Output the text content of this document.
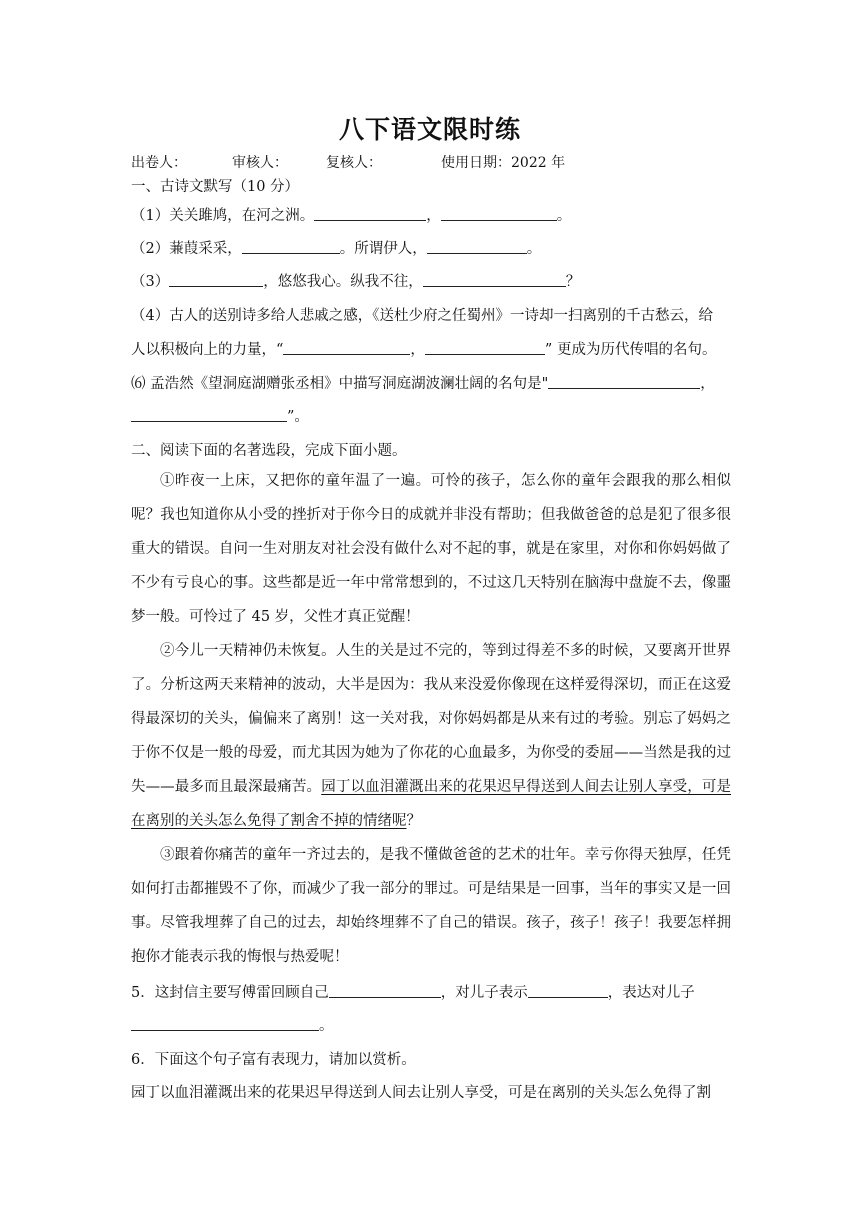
八下语文限时练
出卷人：	审核人：	复核人：	使用日期：2022 年
一、古诗文默写（10 分）
（1）关关雎鸠，在河之洲。	，	。
（2）蒹葭采采，	。所谓伊人，	。
（3）	，悠悠我心。纵我不往，	？
（4）古人的送别诗多给人悲戚之感，《送杜少府之任蜀州》一诗却一扫离别的千古愁云，给
人以积极向上的力量，“	，	” 更成为历代传唱的名句。
⑹ 孟浩然《望洞庭湖赠张丞相》中描写洞庭湖波澜壮阔的名句是"	，
”。
二、阅读下面的名著选段，完成下面小题。
①昨夜一上床，又把你的童年温了一遍。可怜的孩子，怎么你的童年会跟我的那么相似呢？我也知道你从小受的挫折对于你今日的成就并非没有帮助；但我做爸爸的总是犯了很多很重大的错误。自问一生对朋友对社会没有做什么对不起的事，就是在家里，对你和你妈妈做了不少有亏良心的事。这些都是近一年中常常想到的，不过这几天特别在脑海中盘旋不去，像噩梦一般。可怜过了 45 岁，父性才真正觉醒！
②今儿一天精神仍未恢复。人生的关是过不完的，等到过得差不多的时候，又要离开世界了。分析这两天来精神的波动，大半是因为：我从来没爱你像现在这样爱得深切，而正在这爱得最深切的关头，偏偏来了离别！这一关对我，对你妈妈都是从来有过的考验。别忘了妈妈之于你不仅是一般的母爱，而尤其因为她为了你花的心血最多，为你受的委屈——当然是我的过失——最多而且最深最痛苦。园丁以血泪灌溉出来的花果迟早得送到人间去让别人享受，可是在离别的关头怎么免得了割舍不掉的情绪呢？
③跟着你痛苦的童年一齐过去的，是我不懂做爸爸的艺术的壮年。幸亏你得天独厚，任凭如何打击都摧毁不了你，而减少了我一部分的罪过。可是结果是一回事，当年的事实又是一回事。尽管我埋葬了自己的过去，却始终埋葬不了自己的错误。孩子，孩子！孩子！我要怎样拥抱你才能表示我的悔恨与热爱呢！
5．这封信主要写傅雷回顾自己	，对儿子表示	，表达对儿子
。
6．下面这个句子富有表现力，请加以赏析。
园丁以血泪灌溉出来的花果迟早得送到人间去让别人享受，可是在离别的关头怎么免得了割
